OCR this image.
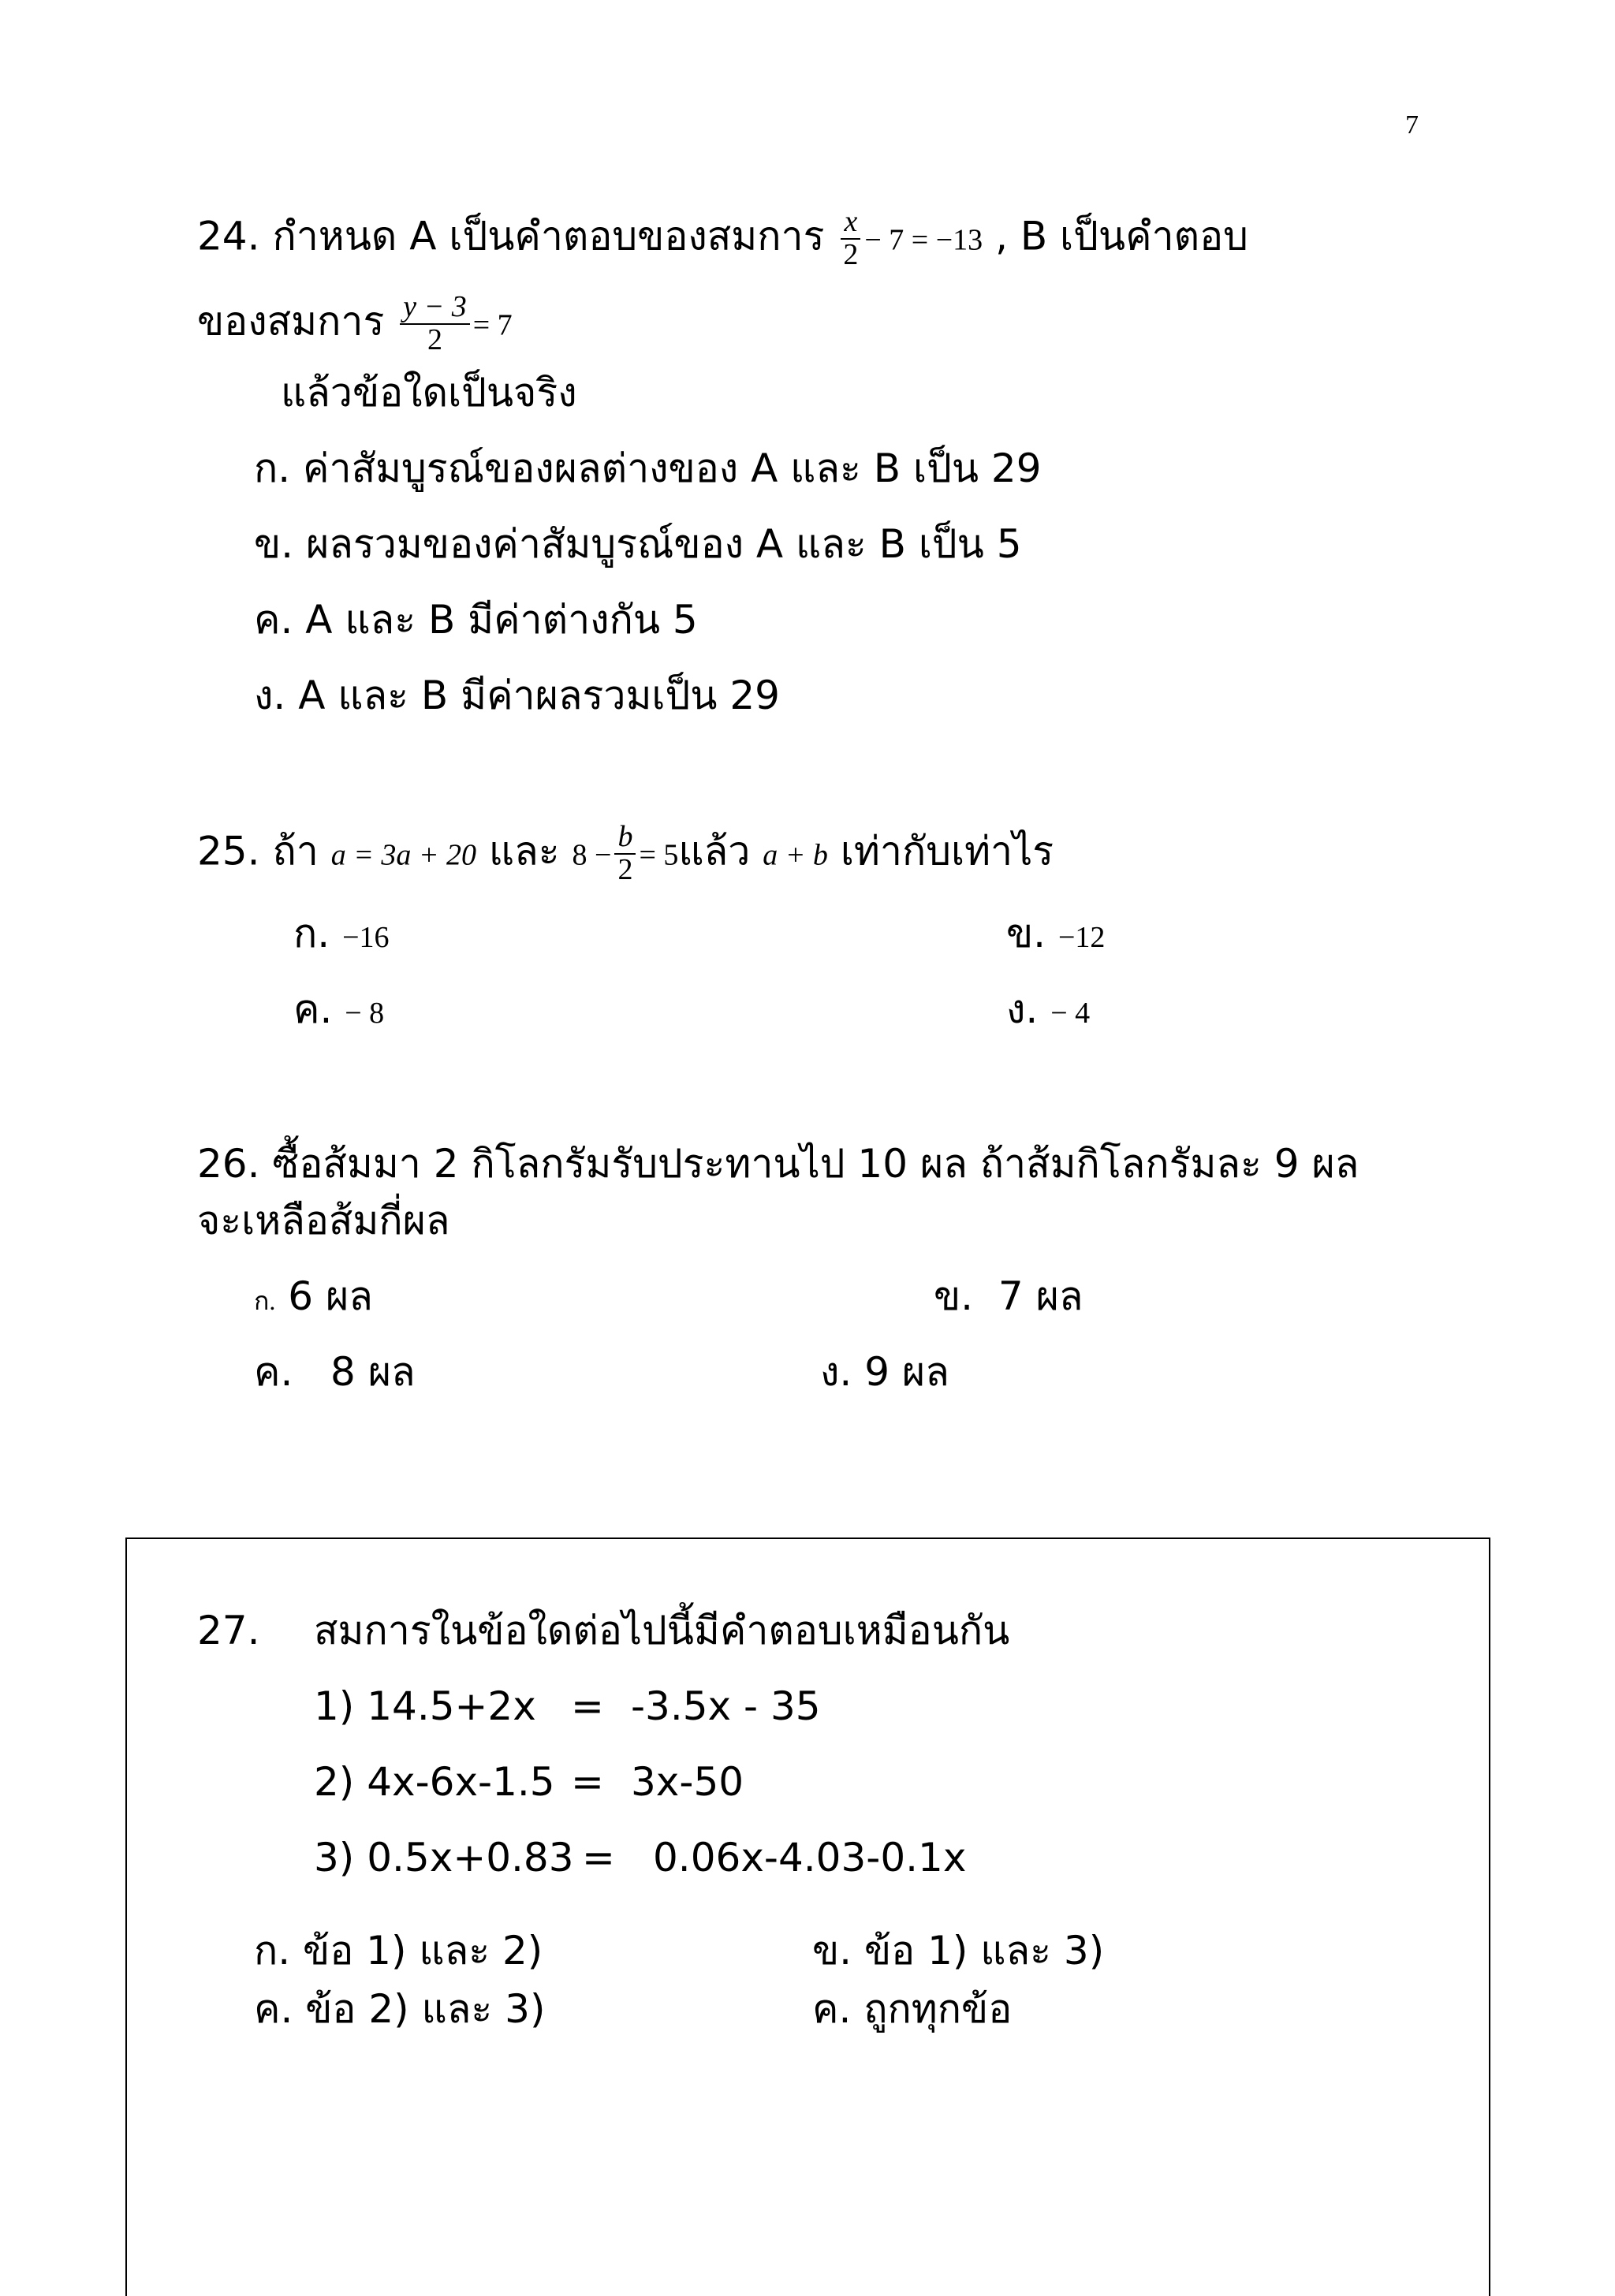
7
24. กำหนด A เป็นคำตอบของสมการ $\frac{x}{2} - 7 = -13$ , B เป็นคำตอบ
ของสมการ $\frac{y - 3}{2} = 7$
แล้วข้อใดเป็นจริง
ก. ค่าสัมบูรณ์ของผลต่างของ A และ B เป็น 29
ข. ผลรวมของค่าสัมบูรณ์ของ A และ B เป็น 5
ค. A และ B มีค่าต่างกัน 5
ง. A และ B มีค่าผลรวมเป็น 29
25. ถ้า a = 3a + 20 และ $8 - \frac{b}{2} = 5$แล้ว a + b เท่ากับเท่าไร
ก. −16	ข. −12
ค. − 8	ง. − 4
26. ซื้อส้มมา 2 กิโลกรัมรับประทานไป 10 ผล ถ้าส้มกิโลกรัมละ 9 ผล
จะเหลือส้มกี่ผล
ก. 6 ผล	ข. 7 ผล
ค. 8 ผล	ง. 9 ผล
27. สมการในข้อใดต่อไปนี้มีคำตอบเหมือนกัน
1) 14.5+2x = -3.5x - 35
2) 4x-6x-1.5 = 3x-50
3) 0.5x+0.83 = 0.06x-4.03-0.1x
ก. ข้อ 1) และ 2)	ข. ข้อ 1) และ 3)
ค. ข้อ 2) และ 3)	ค. ถูกทุกข้อ
